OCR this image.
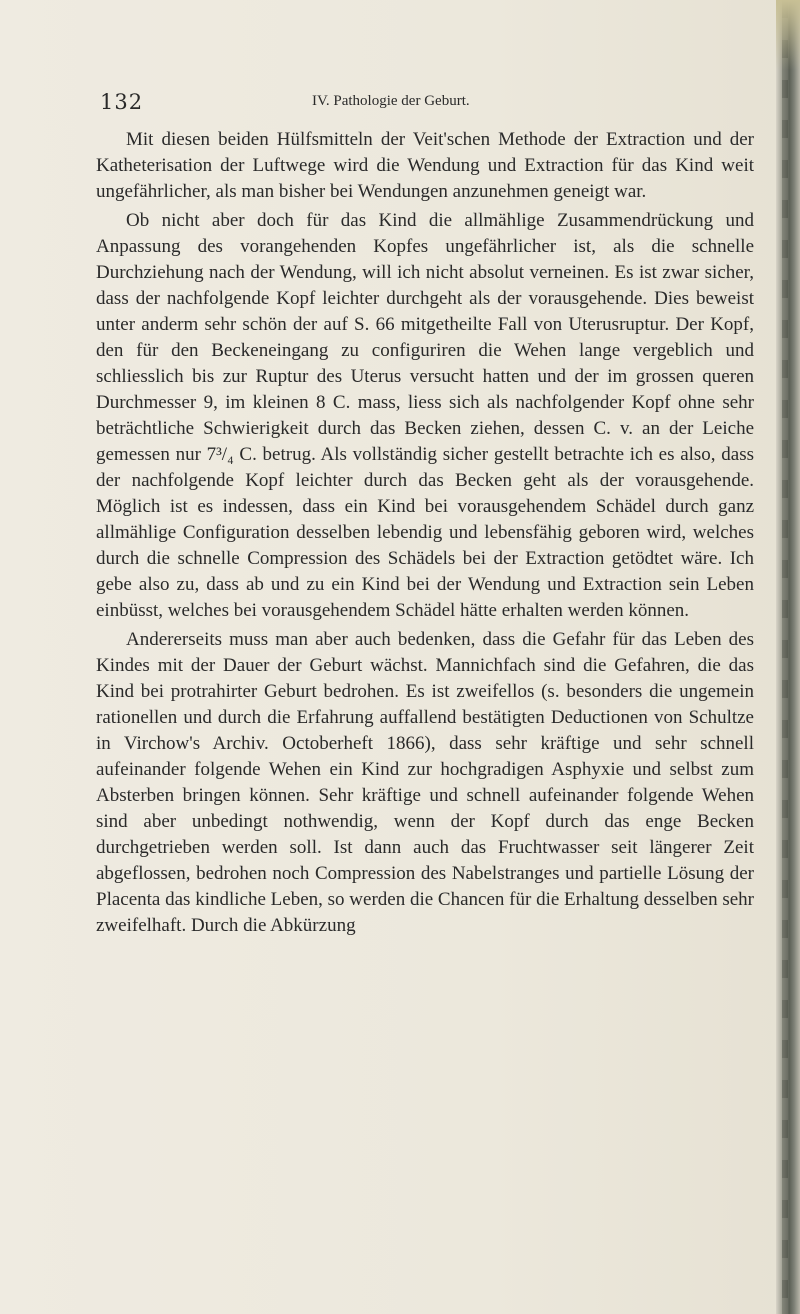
132	IV. Pathologie der Geburt.

Mit diesen beiden Hülfsmitteln der Veit'schen Methode der Extraction und der Katheterisation der Luftwege wird die Wendung und Extraction für das Kind weit ungefährlicher, als man bisher bei Wendungen anzunehmen geneigt war.

Ob nicht aber doch für das Kind die allmählige Zusammendrückung und Anpassung des vorangehenden Kopfes ungefährlicher ist, als die schnelle Durchziehung nach der Wendung, will ich nicht absolut verneinen. Es ist zwar sicher, dass der nachfolgende Kopf leichter durchgeht als der vorausgehende. Dies beweist unter anderm sehr schön der auf S. 66 mitgetheilte Fall von Uterusruptur. Der Kopf, den für den Beckeneingang zu configuriren die Wehen lange vergeblich und schliesslich bis zur Ruptur des Uterus versucht hatten und der im grossen queren Durchmesser 9, im kleinen 8 C. mass, liess sich als nachfolgender Kopf ohne sehr beträchtliche Schwierigkeit durch das Becken ziehen, dessen C. v. an der Leiche gemessen nur 7³/₄ C. betrug. Als vollständig sicher gestellt betrachte ich es also, dass der nachfolgende Kopf leichter durch das Becken geht als der vorausgehende. Möglich ist es indessen, dass ein Kind bei vorausgehendem Schädel durch ganz allmählige Configuration desselben lebendig und lebensfähig geboren wird, welches durch die schnelle Compression des Schädels bei der Extraction getödtet wäre. Ich gebe also zu, dass ab und zu ein Kind bei der Wendung und Extraction sein Leben einbüsst, welches bei vorausgehendem Schädel hätte erhalten werden können.

Andererseits muss man aber auch bedenken, dass die Gefahr für das Leben des Kindes mit der Dauer der Geburt wächst. Mannichfach sind die Gefahren, die das Kind bei protrahirter Geburt bedrohen. Es ist zweifellos (s. besonders die ungemein rationellen und durch die Erfahrung auffallend bestätigten Deductionen von Schultze in Virchow's Archiv. Octoberheft 1866), dass sehr kräftige und sehr schnell aufeinander folgende Wehen ein Kind zur hochgradigen Asphyxie und selbst zum Absterben bringen können. Sehr kräftige und schnell aufeinander folgende Wehen sind aber unbedingt nothwendig, wenn der Kopf durch das enge Becken durchgetrieben werden soll. Ist dann auch das Fruchtwasser seit längerer Zeit abgeflossen, bedrohen noch Compression des Nabelstranges und partielle Lösung der Placenta das kindliche Leben, so werden die Chancen für die Erhaltung desselben sehr zweifelhaft. Durch die Abkürzung
